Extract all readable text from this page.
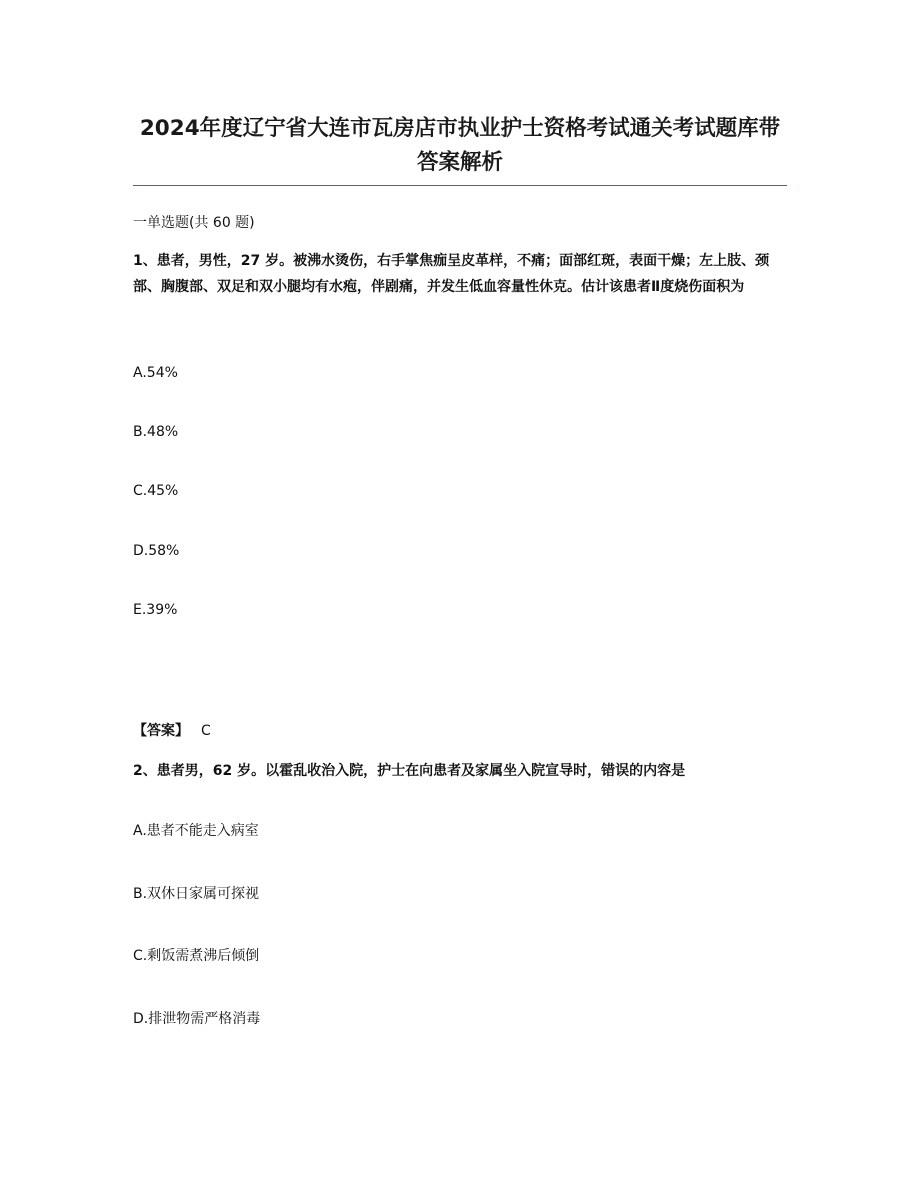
2024年度辽宁省大连市瓦房店市执业护士资格考试通关考试题库带答案解析
一单选题(共 60 题)
1、患者，男性，27 岁。被沸水烫伤，右手掌焦痂呈皮革样，不痛；面部红斑，表面干燥；左上肢、颈部、胸腹部、双足和双小腿均有水疱，伴剧痛，并发生低血容量性休克。估计该患者Ⅱ度烧伤面积为
A.54%
B.48%
C.45%
D.58%
E.39%
【答案】 C
2、患者男，62 岁。以霍乱收治入院，护士在向患者及家属坐入院宣导时，错误的内容是
A.患者不能走入病室
B.双休日家属可探视
C.剩饭需煮沸后倾倒
D.排泄物需严格消毒
